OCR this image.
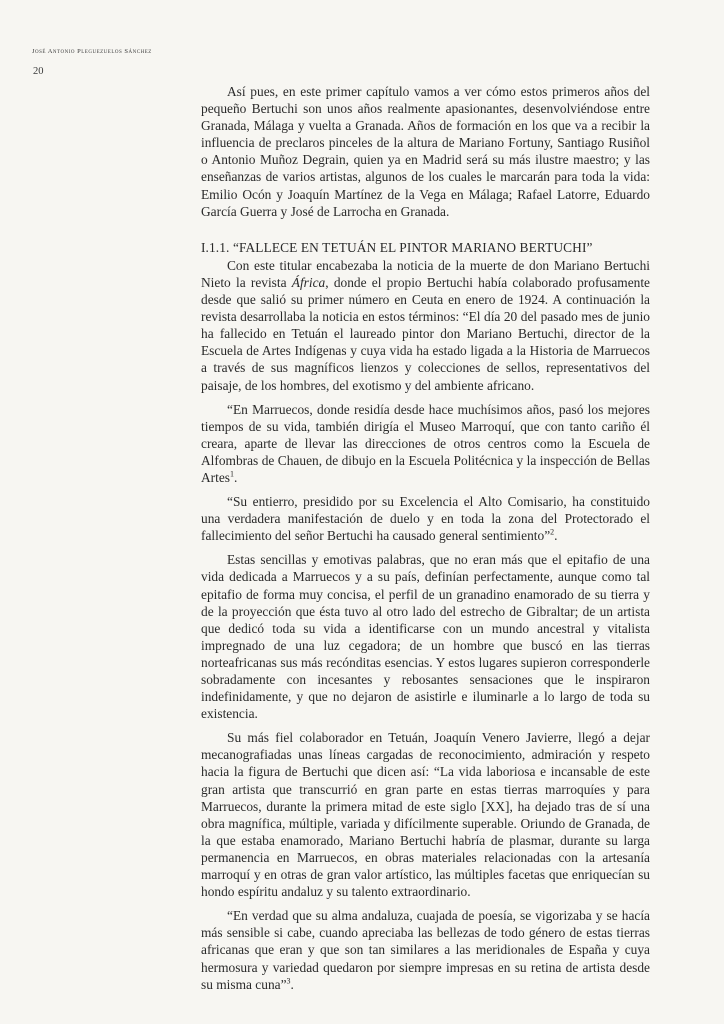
José Antonio Pleguezuelos Sánchez
20

Así pues, en este primer capítulo vamos a ver cómo estos primeros años del pequeño Bertuchi son unos años realmente apasionantes, desenvolviéndose entre Granada, Málaga y vuelta a Granada. Años de formación en los que va a recibir la influencia de preclaros pinceles de la altura de Mariano Fortuny, Santiago Rusiñol o Antonio Muñoz Degrain, quien ya en Madrid será su más ilustre maestro; y las enseñanzas de varios artistas, algunos de los cuales le marcarán para toda la vida: Emilio Ocón y Joaquín Martínez de la Vega en Málaga; Rafael Latorre, Eduardo García Guerra y José de Larrocha en Granada.

I.1.1. “FALLECE EN TETUÁN EL PINTOR MARIANO BERTUCHI”

Con este titular encabezaba la noticia de la muerte de don Mariano Bertuchi Nieto la revista África, donde el propio Bertuchi había colaborado profusamente desde que salió su primer número en Ceuta en enero de 1924. A continuación la revista desarrollaba la noticia en estos términos: “El día 20 del pasado mes de junio ha fallecido en Tetuán el laureado pintor don Mariano Bertuchi, director de la Escuela de Artes Indígenas y cuya vida ha estado ligada a la Historia de Marruecos a través de sus magníficos lienzos y colecciones de sellos, representativos del paisaje, de los hombres, del exotismo y del ambiente africano.

“En Marruecos, donde residía desde hace muchísimos años, pasó los mejores tiempos de su vida, también dirigía el Museo Marroquí, que con tanto cariño él creara, aparte de llevar las direcciones de otros centros como la Escuela de Alfombras de Chauen, de dibujo en la Escuela Politécnica y la inspección de Bellas Artes$^1$.

“Su entierro, presidido por su Excelencia el Alto Comisario, ha constituido una verdadera manifestación de duelo y en toda la zona del Protectorado el fallecimiento del señor Bertuchi ha causado general sentimiento”$^2$.

Estas sencillas y emotivas palabras, que no eran más que el epitafio de una vida dedicada a Marruecos y a su país, definían perfectamente, aunque como tal epitafio de forma muy concisa, el perfil de un granadino enamorado de su tierra y de la proyección que ésta tuvo al otro lado del estrecho de Gibraltar; de un artista que dedicó toda su vida a identificarse con un mundo ancestral y vitalista impregnado de una luz cegadora; de un hombre que buscó en las tierras norteafricanas sus más recónditas esencias. Y estos lugares supieron corresponderle sobradamente con incesantes y rebosantes sensaciones que le inspiraron indefinidamente, y que no dejaron de asistirle e iluminarle a lo largo de toda su existencia.

Su más fiel colaborador en Tetuán, Joaquín Venero Javierre, llegó a dejar mecanografiadas unas líneas cargadas de reconocimiento, admiración y respeto hacia la figura de Bertuchi que dicen así: “La vida laboriosa e incansable de este gran artista que transcurrió en gran parte en estas tierras marroquíes y para Marruecos, durante la primera mitad de este siglo [XX], ha dejado tras de sí una obra magnífica, múltiple, variada y difícilmente superable. Oriundo de Granada, de la que estaba enamorado, Mariano Bertuchi habría de plasmar, durante su larga permanencia en Marruecos, en obras materiales relacionadas con la artesanía marroquí y en otras de gran valor artístico, las múltiples facetas que enriquecían su hondo espíritu andaluz y su talento extraordinario.

“En verdad que su alma andaluza, cuajada de poesía, se vigorizaba y se hacía más sensible si cabe, cuando apreciaba las bellezas de todo género de estas tierras africanas que eran y que son tan similares a las meridionales de España y cuya hermosura y variedad quedaron por siempre impresas en su retina de artista desde su misma cuna”$^3$.
